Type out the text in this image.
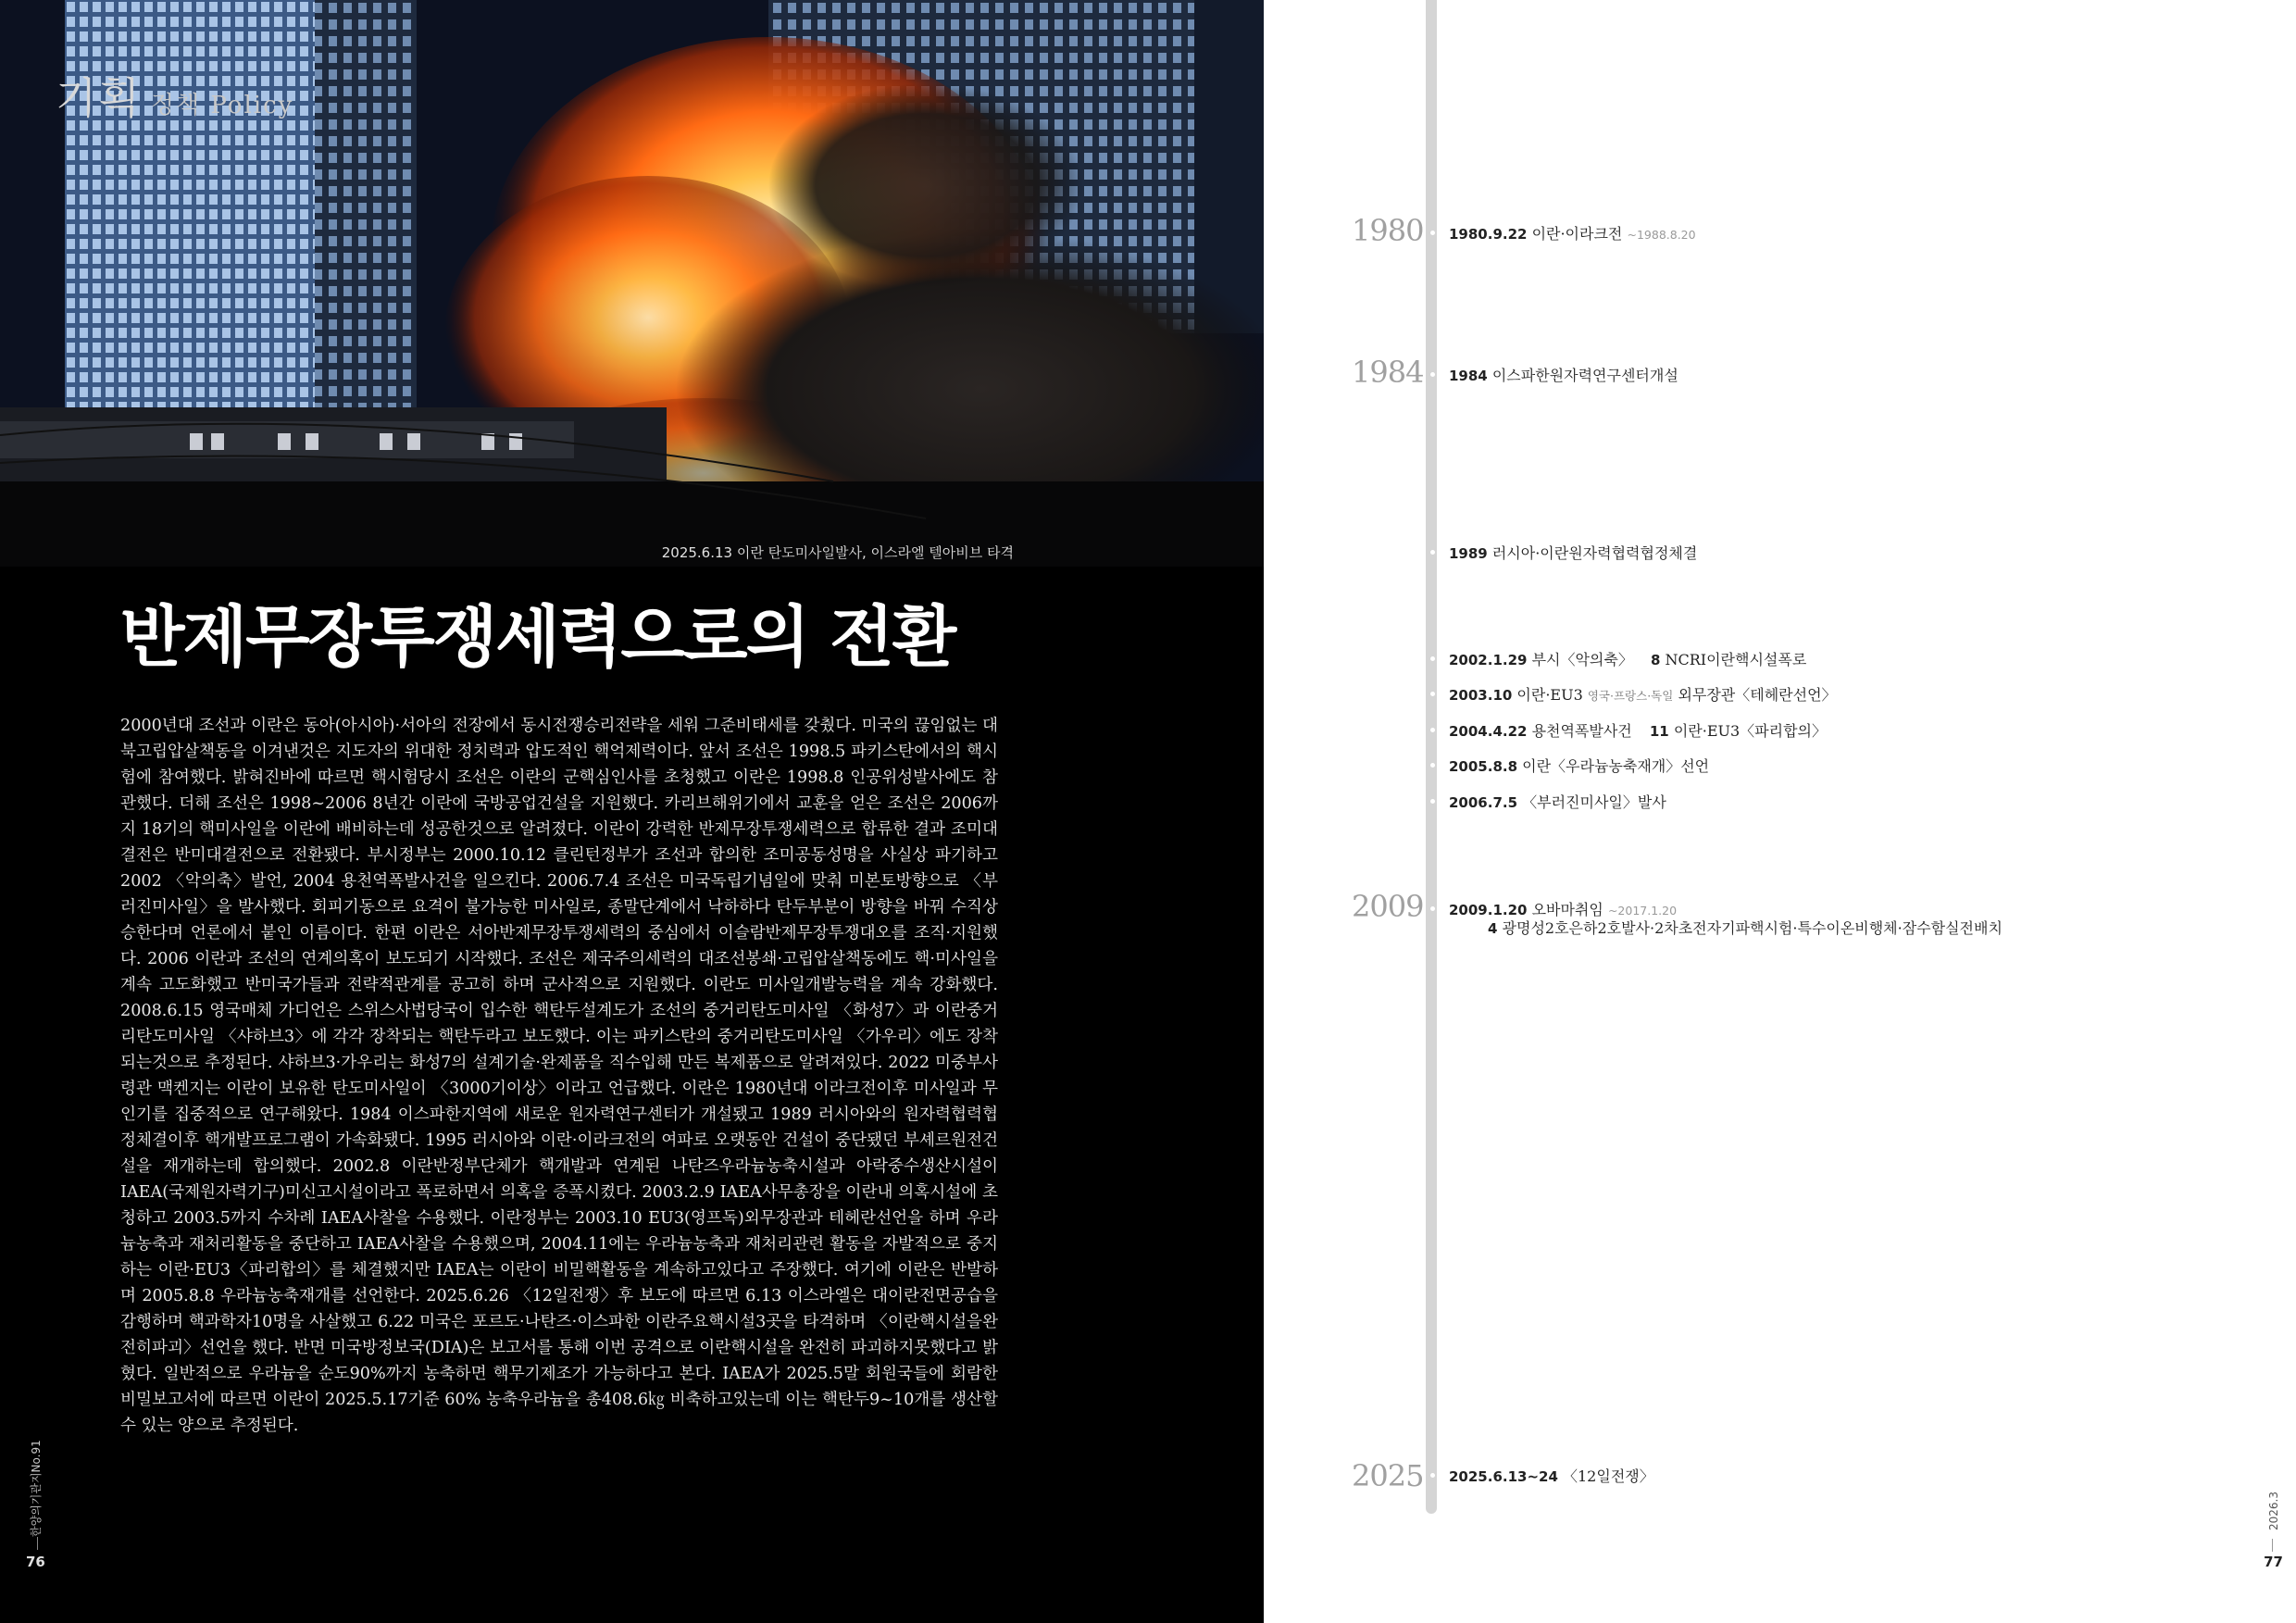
기획 정책 Policy
2025.6.13 이란 탄도미사일발사, 이스라엘 텔아비브 타격
반제무장투쟁세력으로의 전환

2000년대 조선과 이란은 동아(아시아)·서아의 전장에서 동시전쟁승리전략을 세워 그준비태세를 갖췄다. 미국의 끊임없는 대북고립압살책동을 이겨낸것은 지도자의 위대한 정치력과 압도적인 핵억제력이다. 앞서 조선은 1998.5 파키스탄에서의 핵시험에 참여했다. 밝혀진바에 따르면 핵시험당시 조선은 이란의 군핵심인사를 초청했고 이란은 1998.8 인공위성발사에도 참관했다. 더해 조선은 1998~2006 8년간 이란에 국방공업건설을 지원했다. 카리브해위기에서 교훈을 얻은 조선은 2006까지 18기의 핵미사일을 이란에 배비하는데 성공한것으로 알려졌다. 이란이 강력한 반제무장투쟁세력으로 합류한 결과 조미대결전은 반미대결전으로 전환됐다. 부시정부는 2000.10.12 클린턴정부가 조선과 합의한 조미공동성명을 사실상 파기하고 2002 〈악의축〉발언, 2004 용천역폭발사건을 일으킨다. 2006.7.4 조선은 미국독립기념일에 맞춰 미본토방향으로 〈부러진미사일〉을 발사했다. 회피기동으로 요격이 불가능한 미사일로, 종말단계에서 낙하하다 탄두부분이 방향을 바꿔 수직상승한다며 언론에서 붙인 이름이다. 한편 이란은 서아반제무장투쟁세력의 중심에서 이슬람반제무장투쟁대오를 조직·지원했다. 2006 이란과 조선의 연계의혹이 보도되기 시작했다. 조선은 제국주의세력의 대조선봉쇄·고립압살책동에도 핵·미사일을 계속 고도화했고 반미국가들과 전략적관계를 공고히 하며 군사적으로 지원했다. 이란도 미사일개발능력을 계속 강화했다. 2008.6.15 영국매체 가디언은 스위스사법당국이 입수한 핵탄두설계도가 조선의 중거리탄도미사일 〈화성7〉과 이란중거리탄도미사일 〈샤하브3〉에 각각 장착되는 핵탄두라고 보도했다. 이는 파키스탄의 중거리탄도미사일 〈가우리〉에도 장착되는것으로 추정된다. 샤하브3·가우리는 화성7의 설계기술·완제품을 직수입해 만든 복제품으로 알려져있다. 2022 미중부사령관 맥켄지는 이란이 보유한 탄도미사일이 〈3000기이상〉이라고 언급했다. 이란은 1980년대 이라크전이후 미사일과 무인기를 집중적으로 연구해왔다. 1984 이스파한지역에 새로운 원자력연구센터가 개설됐고 1989 러시아와의 원자력협력협정체결이후 핵개발프로그램이 가속화됐다. 1995 러시아와 이란·이라크전의 여파로 오랫동안 건설이 중단됐던 부셰르원전건설을 재개하는데 합의했다. 2002.8 이란반정부단체가 핵개발과 연계된 나탄즈우라늄농축시설과 아락중수생산시설이 IAEA(국제원자력기구)미신고시설이라고 폭로하면서 의혹을 증폭시켰다. 2003.2.9 IAEA사무총장을 이란내 의혹시설에 초청하고 2003.5까지 수차례 IAEA사찰을 수용했다. 이란정부는 2003.10 EU3(영프독)외무장관과 테헤란선언을 하며 우라늄농축과 재처리활동을 중단하고 IAEA사찰을 수용했으며, 2004.11에는 우라늄농축과 재처리관련 활동을 자발적으로 중지하는 이란·EU3〈파리합의〉를 체결했지만 IAEA는 이란이 비밀핵활동을 계속하고있다고 주장했다. 여기에 이란은 반발하며 2005.8.8 우라늄농축재개를 선언한다. 2025.6.26 〈12일전쟁〉후 보도에 따르면 6.13 이스라엘은 대이란전면공습을 감행하며 핵과학자10명을 사살했고 6.22 미국은 포르도·나탄즈·이스파한 이란주요핵시설3곳을 타격하며 〈이란핵시설을완전히파괴〉선언을 했다. 반면 미국방정보국(DIA)은 보고서를 통해 이번 공격으로 이란핵시설을 완전히 파괴하지못했다고 밝혔다. 일반적으로 우라늄을 순도90%까지 농축하면 핵무기제조가 가능하다고 본다. IAEA가 2025.5말 회원국들에 회람한 비밀보고서에 따르면 이란이 2025.5.17기준 60% 농축우라늄을 총408.6㎏ 비축하고있는데 이는 핵탄두9~10개를 생산할수 있는 양으로 추정된다.

한양의기관지No.91
76
1980
1984
2009
2025
1980.9.22 이란·이라크전 ~1988.8.20
1984 이스파한원자력연구센터개설
1989 러시아·이란원자력협력협정체결
2002.1.29 부시〈악의축〉 8 NCRI이란핵시설폭로
2003.10 이란·EU3 영국·프랑스·독일 외무장관〈테헤란선언〉
2004.4.22 용천역폭발사건 11 이란·EU3〈파리합의〉
2005.8.8 이란〈우라늄농축재개〉선언
2006.7.5 〈부러진미사일〉발사
2009.1.20 오바마취임 ~2017.1.20
4 광명성2호은하2호발사·2차초전자기파핵시험·특수이온비행체·잠수함실전배치
2025.6.13~24 〈12일전쟁〉
2026.3
77
